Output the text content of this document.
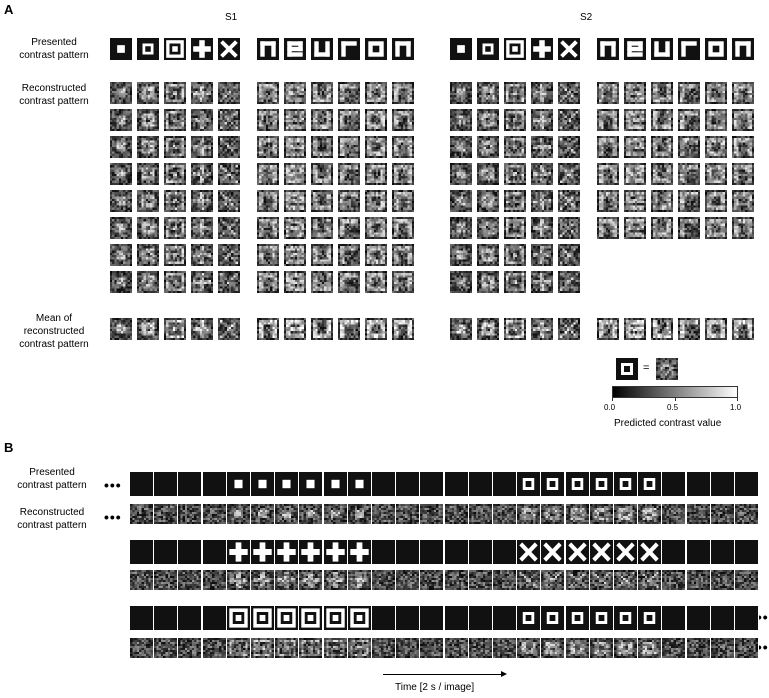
A
S1	S2
Presented
contrast pattern
Reconstructed
contrast pattern
Mean of
reconstructed
contrast pattern
=
0.0	0.5	1.0
Predicted contrast value
B
Presented
contrast pattern
Reconstructed
contrast pattern
•••
•••
•••
•••
Time [2 s / image]
